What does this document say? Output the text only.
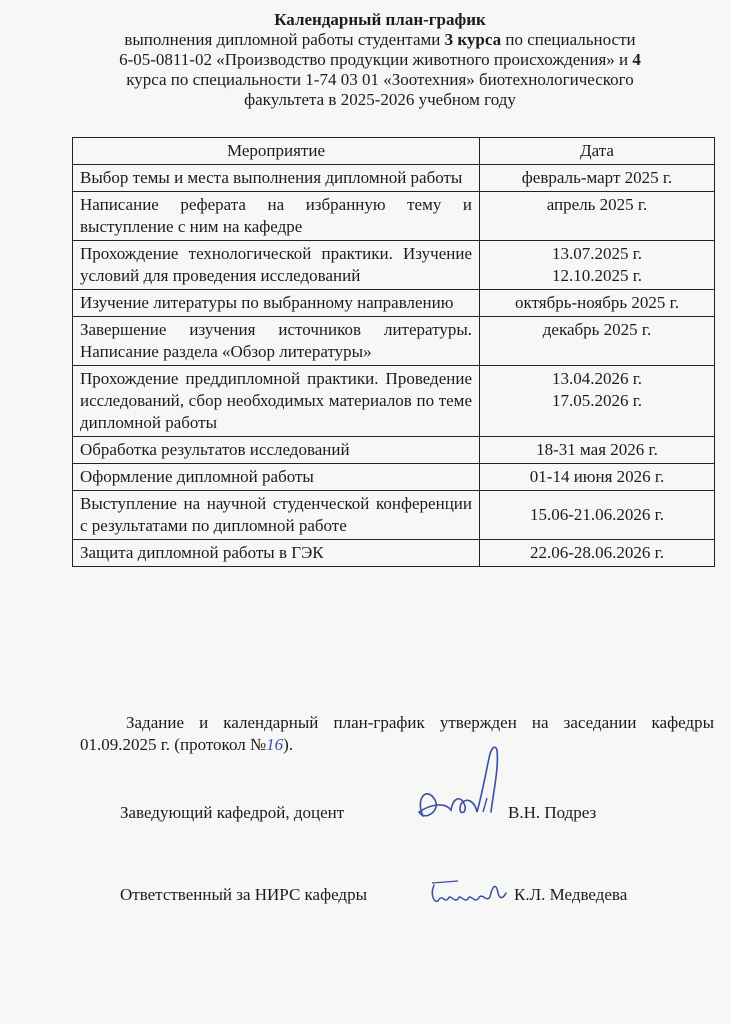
Календарный план-график
выполнения дипломной работы студентами 3 курса по специальности
6-05-0811-02 «Производство продукции животного происхождения» и 4
курса по специальности 1-74 03 01 «Зоотехния» биотехнологического
факультета в 2025-2026 учебном году
Мероприятие	Дата
Выбор темы и места выполнения дипломной работы	февраль-март 2025 г.

Написание реферата на избранную тему и выступление с ним на кафедре	апрель 2025 г.

Прохождение технологической практики. Изучение условий для проведения исследований	13.07.2025 г.
12.10.2025 г.

Изучение литературы по выбранному направлению	октябрь-ноябрь 2025 г.

Завершение изучения источников литературы. Написание раздела «Обзор литературы»	декабрь 2025 г.

Прохождение преддипломной практики. Проведение исследований, сбор необходимых материалов по теме дипломной работы	13.04.2026 г.
17.05.2026 г.

Обработка результатов исследований	18-31 мая 2026 г.

Оформление дипломной работы	01-14 июня 2026 г.

Выступление на научной студенческой конференции с результатами по дипломной работе	15.06-21.06.2026 г.

Защита дипломной работы в ГЭК	22.06-28.06.2026 г.
Задание и календарный план-график утвержден на заседании кафедры 01.09.2025 г. (протокол №16).
Заведующий кафедрой, доцент	В.Н. Подрез
Ответственный за НИРС кафедры	К.Л. Медведева
